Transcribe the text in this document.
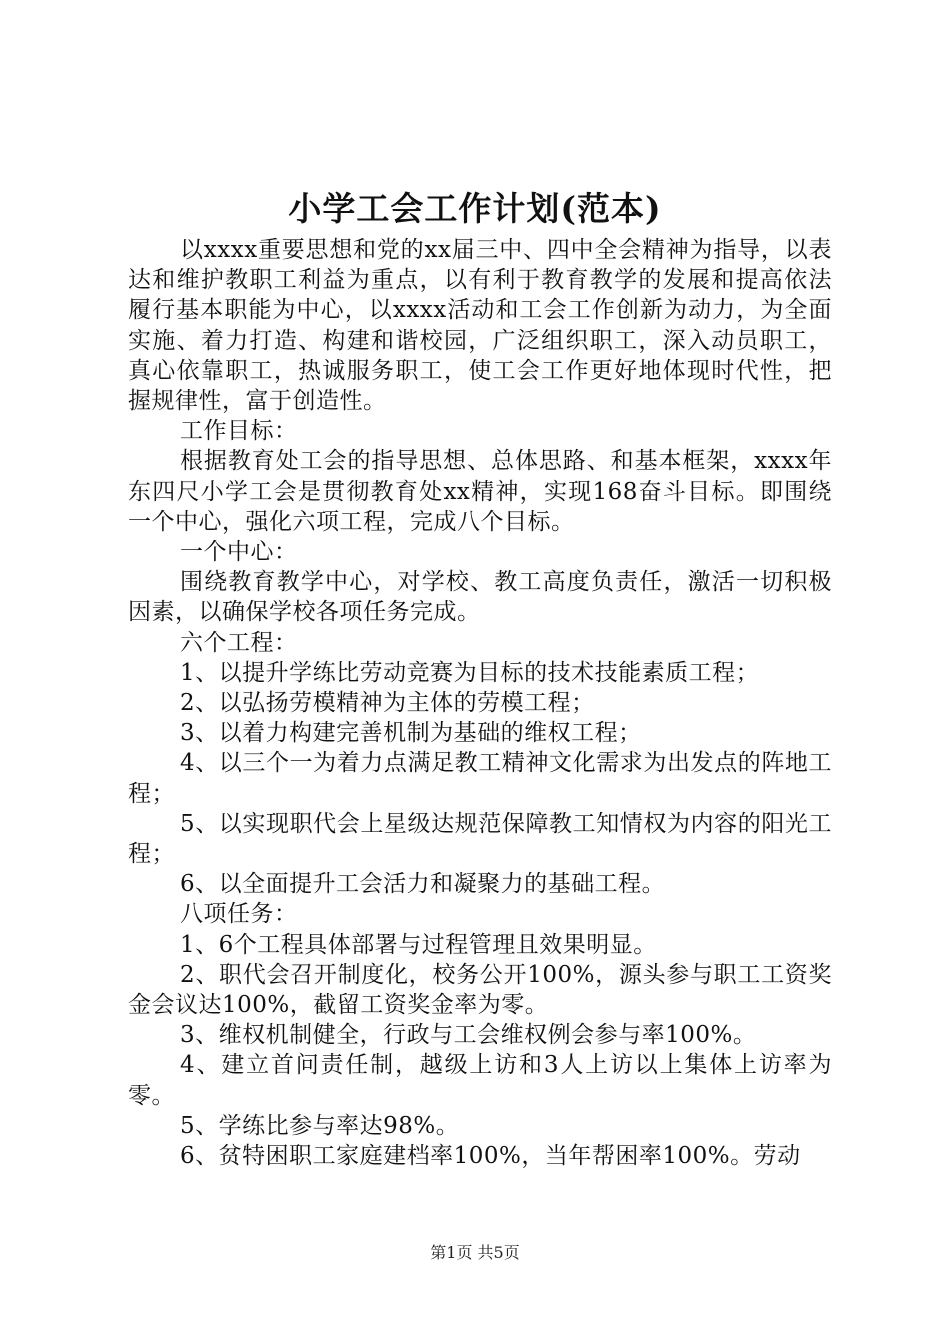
小学工会工作计划(范本)

以xxxx重要思想和党的xx届三中、四中全会精神为指导，以表达和维护教职工利益为重点，以有利于教育教学的发展和提高依法履行基本职能为中心，以xxxx活动和工会工作创新为动力，为全面实施、着力打造、构建和谐校园，广泛组织职工，深入动员职工，真心依靠职工，热诚服务职工，使工会工作更好地体现时代性，把握规律性，富于创造性。

工作目标：

根据教育处工会的指导思想、总体思路、和基本框架，xxxx年东四尺小学工会是贯彻教育处xx精神，实现168奋斗目标。即围绕一个中心，强化六项工程，完成八个目标。

一个中心：

围绕教育教学中心，对学校、教工高度负责任，激活一切积极因素，以确保学校各项任务完成。

六个工程：

1、以提升学练比劳动竞赛为目标的技术技能素质工程；

2、以弘扬劳模精神为主体的劳模工程；

3、以着力构建完善机制为基础的维权工程；

4、以三个一为着力点满足教工精神文化需求为出发点的阵地工程；

5、以实现职代会上星级达规范保障教工知情权为内容的阳光工程；

6、以全面提升工会活力和凝聚力的基础工程。

八项任务：

1、6个工程具体部署与过程管理且效果明显。

2、职代会召开制度化，校务公开100%，源头参与职工工资奖金会议达100%，截留工资奖金率为零。

3、维权机制健全，行政与工会维权例会参与率100%。

4、建立首问责任制，越级上访和3人上访以上集体上访率为零。

5、学练比参与率达98%。

6、贫特困职工家庭建档率100%，当年帮困率100%。劳动

第1页 共5页
